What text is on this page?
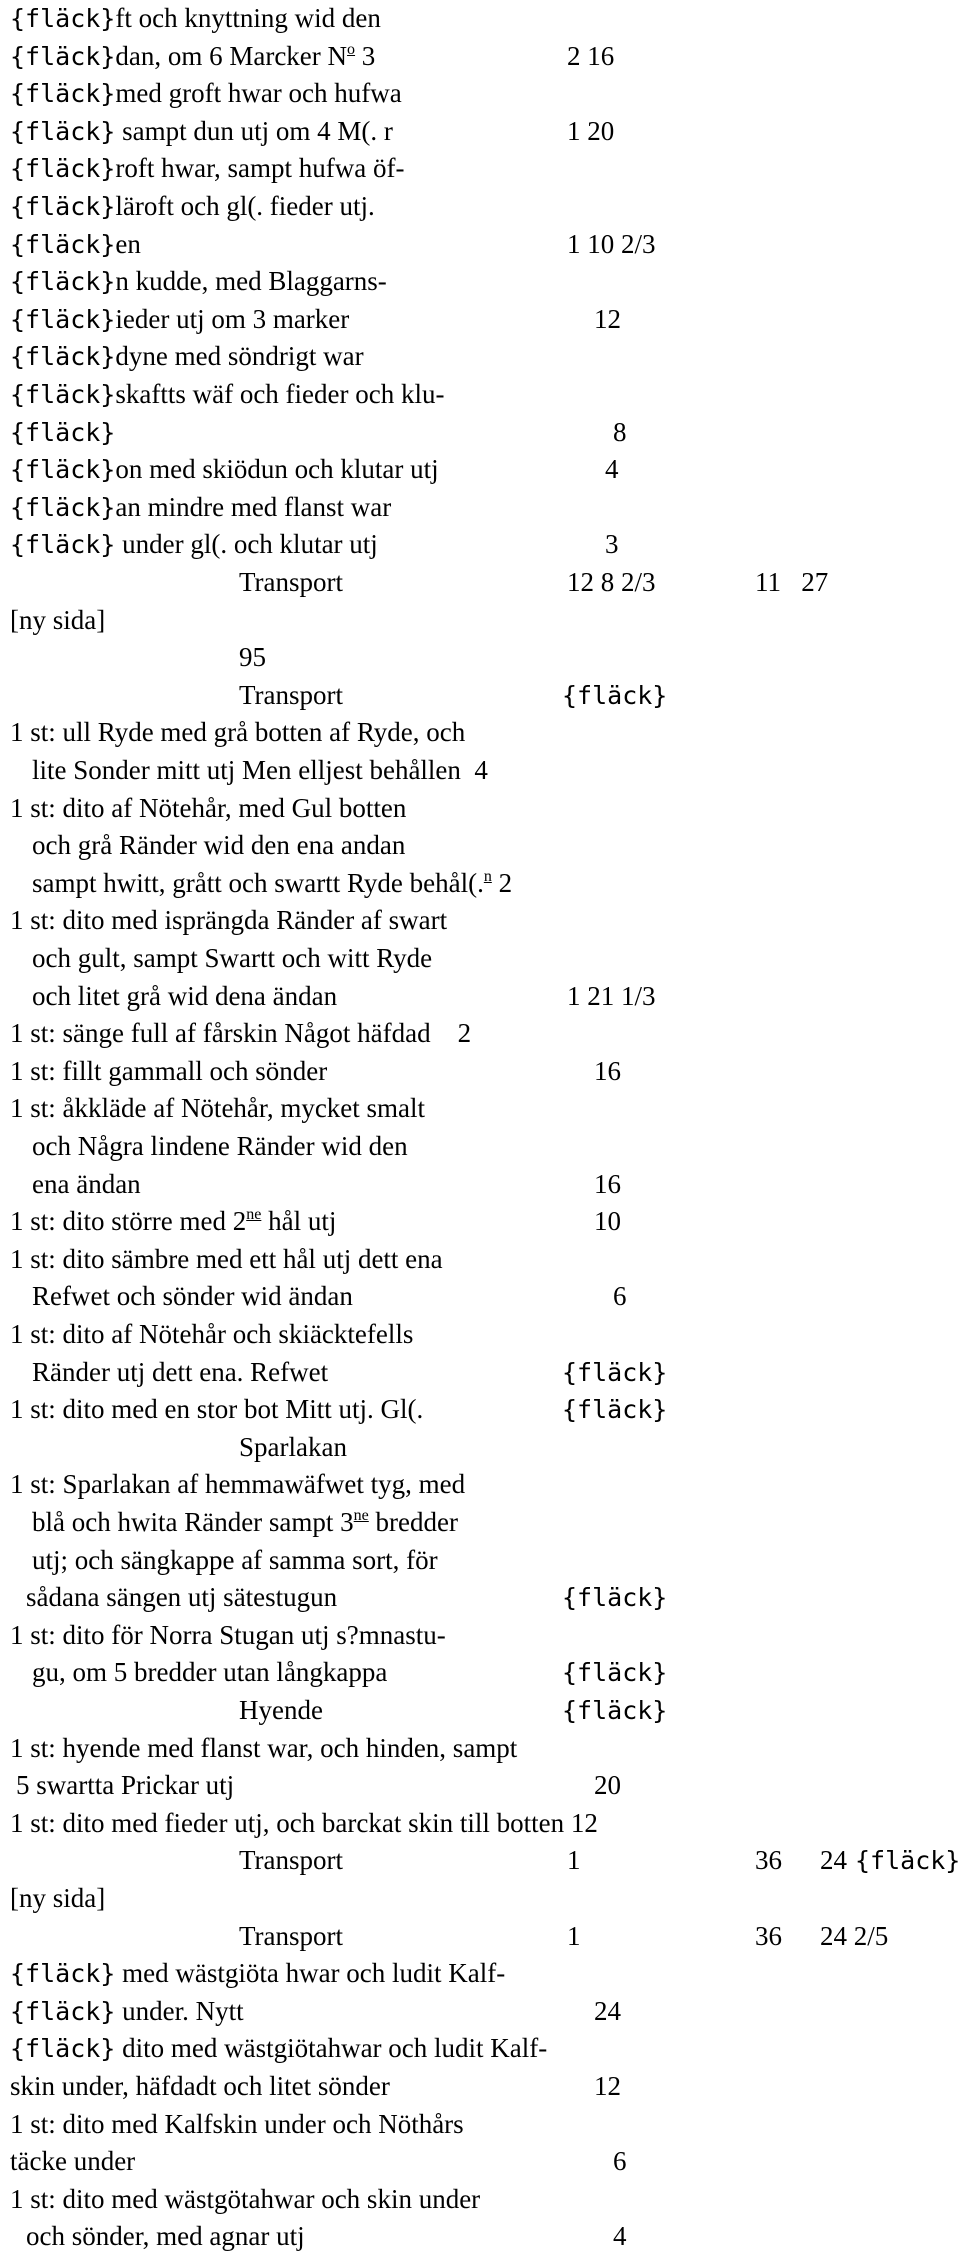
{fläck}ft och knyttning wid den
{fläck}dan, om 6 Marcker $N^o$ 3	2 16
{fläck}med groft hwar och hufwa
{fläck} sampt dun utj om 4 M(. r	1 20
{fläck}roft hwar, sampt hufwa öf-
{fläck}läroft och gl(. fieder utj.
{fläck}en	1 10 2/3
{fläck}n kudde, med Blaggarns-
{fläck}ieder utj om 3 marker	12
{fläck}dyne med söndrigt war
{fläck}skaftts wäf och fieder och klu-
{fläck}	8
{fläck}on med skiödun och klutar utj	4
{fläck}an mindre med flanst war
{fläck} under gl(. och klutar utj	3
Transport	12 8 2/3	11   27
[ny sida]
95
Transport	{fläck}
1 st: ull Ryde med grå botten af Ryde, och
lite Sonder mitt utj Men elljest behållen  4
1 st: dito af Nötehår, med Gul botten
och grå Ränder wid den ena andan
sampt hwitt, grått och swartt Ryde behål(.$^n$ 2
1 st: dito med isprängda Ränder af swart
och gult, sampt Swartt och witt Ryde
och litet grå wid dena ändan	1 21 1/3
1 st: sänge full af fårskin Något häfdad    2
1 st: fillt gammall och sönder	16
1 st: åkkläde af Nötehår, mycket smalt
och Några lindene Ränder wid den
ena ändan	16
1 st: dito större med $2^{ne}$ hål utj	10
1 st: dito sämbre med ett hål utj dett ena
Refwet och sönder wid ändan	6
1 st: dito af Nötehår och skiäcktefells
Ränder utj dett ena. Refwet	{fläck}
1 st: dito med en stor bot Mitt utj. Gl(.	{fläck}
Sparlakan
1 st: Sparlakan af hemmawäfwet tyg, med
blå och hwita Ränder sampt $3^{ne}$ bredder
utj; och sängkappe af samma sort, för
sådana sängen utj sätestugun	{fläck}
1 st: dito för Norra Stugan utj s?mnastu-
gu, om 5 bredder utan långkappa	{fläck}
Hyende	{fläck}
1 st: hyende med flanst war, och hinden, sampt
5 swartta Prickar utj	20
1 st: dito med fieder utj, och barckat skin till botten 12
Transport	1	36 24 {fläck}
[ny sida]
Transport	1	36 24 2/5
{fläck} med wästgiöta hwar och ludit Kalf-
{fläck} under. Nytt	24
{fläck} dito med wästgiötahwar och ludit Kalf-
skin under, häfdadt och litet sönder	12
1 st: dito med Kalfskin under och Nöthårs
täcke under	6
1 st: dito med wästgötahwar och skin under
och sönder, med agnar utj	4
